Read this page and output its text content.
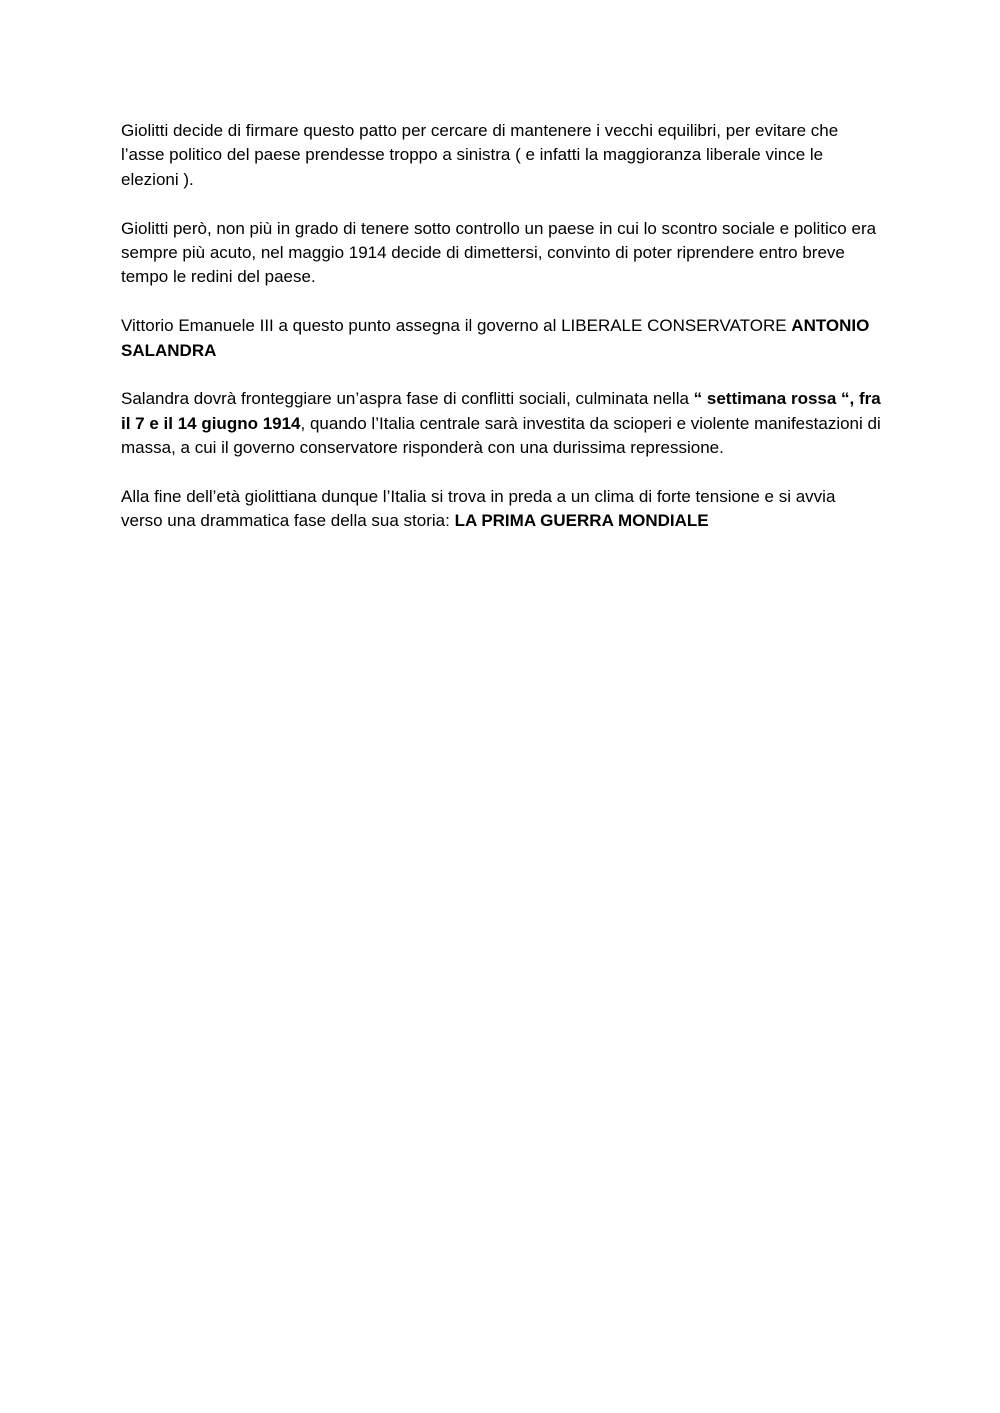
Giolitti decide di firmare questo patto per cercare di mantenere i vecchi equilibri, per evitare che l’asse politico del paese prendesse troppo a sinistra ( e infatti la maggioranza liberale vince le elezioni ).

Giolitti però, non più in grado di tenere sotto controllo un paese in cui lo scontro sociale e politico era sempre più acuto, nel maggio 1914 decide di dimettersi, convinto di poter riprendere entro breve tempo le redini del paese.

Vittorio Emanuele III a questo punto assegna il governo al LIBERALE CONSERVATORE ANTONIO SALANDRA

Salandra dovrà fronteggiare un’aspra fase di conflitti sociali, culminata nella “ settimana rossa “, fra il 7 e il 14 giugno 1914, quando l’Italia centrale sarà investita da scioperi e violente manifestazioni di massa, a cui il governo conservatore risponderà con una durissima repressione.

Alla fine dell’età giolittiana dunque l’Italia si trova in preda a un clima di forte tensione e si avvia verso una drammatica fase della sua storia: LA PRIMA GUERRA MONDIALE
